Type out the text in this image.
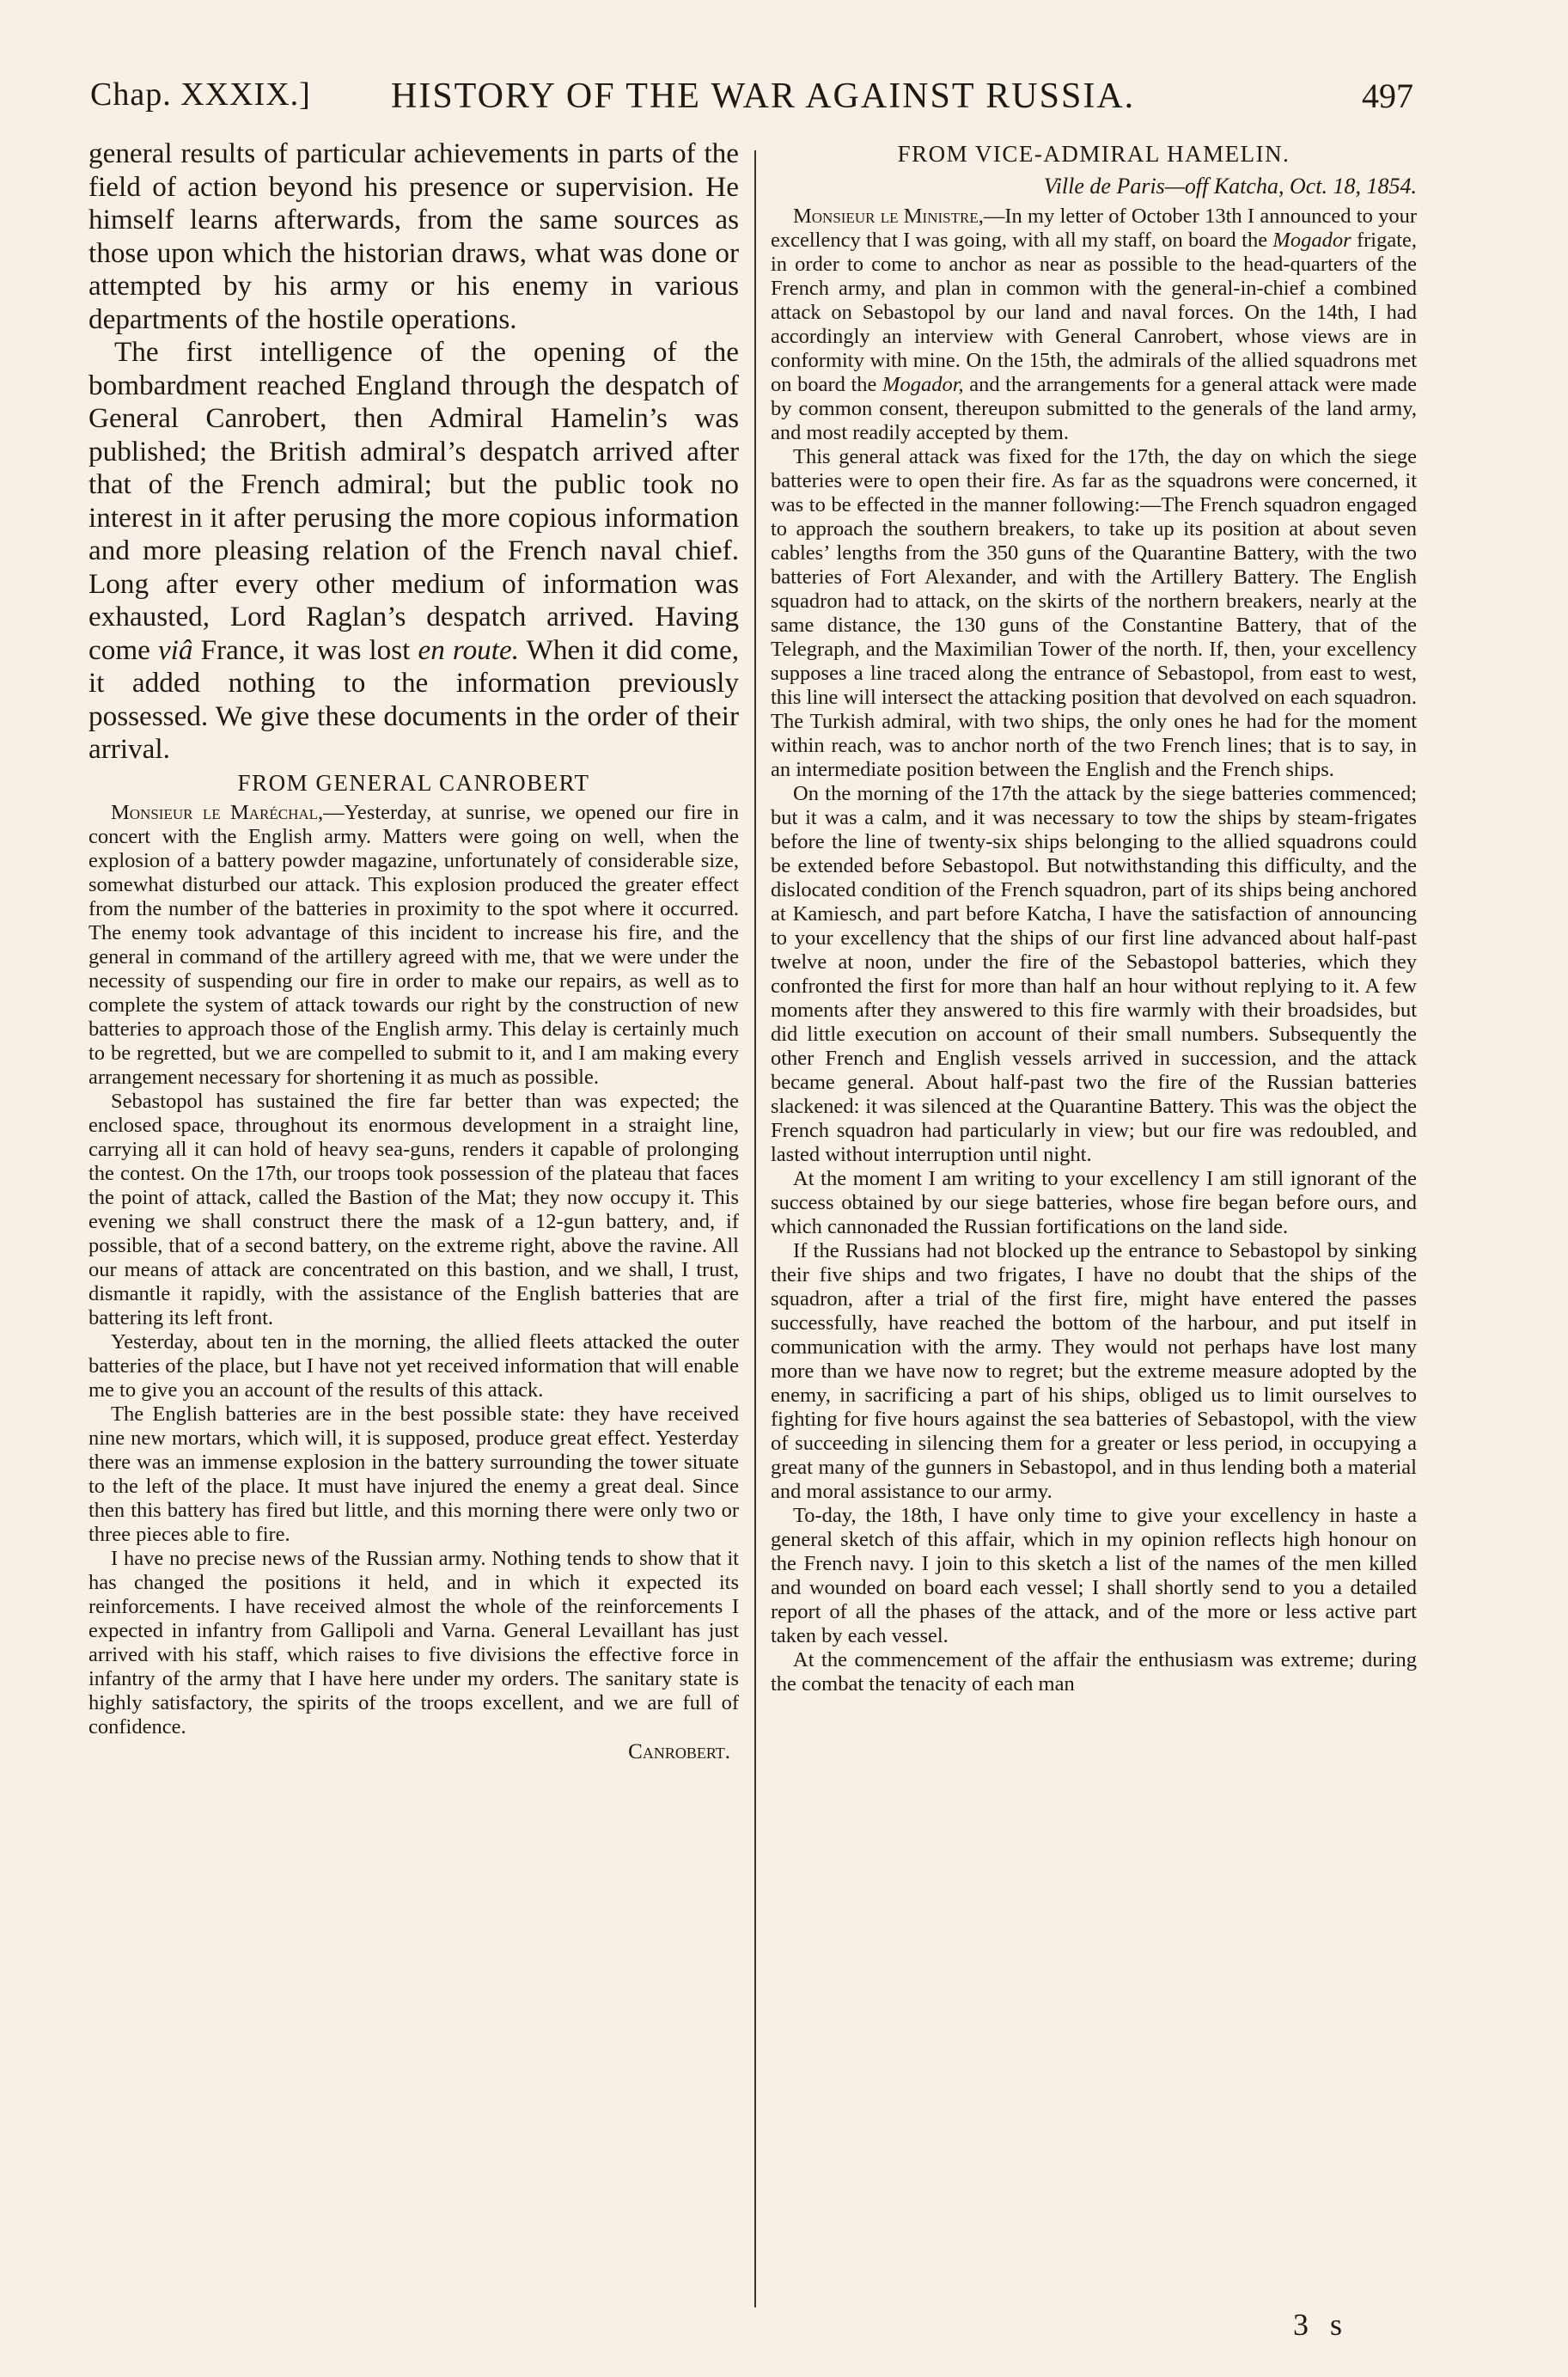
Chap. XXXIX.] HISTORY OF THE WAR AGAINST RUSSIA.	497

general results of particular achievements in parts of the field of action beyond his presence or supervision. He himself learns afterwards, from the same sources as those upon which the historian draws, what was done or attempted by his army or his enemy in various departments of the hostile operations.

The first intelligence of the opening of the bombardment reached England through the despatch of General Canrobert, then Admiral Hamelin’s was published; the British admiral’s despatch arrived after that of the French admiral; but the public took no interest in it after perusing the more copious information and more pleasing relation of the French naval chief. Long after every other medium of information was exhausted, Lord Raglan’s despatch arrived. Having come viâ France, it was lost en route. When it did come, it added nothing to the information previously possessed. We give these documents in the order of their arrival.

FROM GENERAL CANROBERT

Monsieur le Maréchal,—Yesterday, at sunrise, we opened our fire in concert with the English army. Matters were going on well, when the explosion of a battery powder magazine, unfortunately of considerable size, somewhat disturbed our attack. This explosion produced the greater effect from the number of the batteries in proximity to the spot where it occurred. The enemy took advantage of this incident to increase his fire, and the general in command of the artillery agreed with me, that we were under the necessity of suspending our fire in order to make our repairs, as well as to complete the system of attack towards our right by the construction of new batteries to approach those of the English army. This delay is certainly much to be regretted, but we are compelled to submit to it, and I am making every arrangement necessary for shortening it as much as possible.

Sebastopol has sustained the fire far better than was expected; the enclosed space, throughout its enormous development in a straight line, carrying all it can hold of heavy sea-guns, renders it capable of prolonging the contest. On the 17th, our troops took possession of the plateau that faces the point of attack, called the Bastion of the Mat; they now occupy it. This evening we shall construct there the mask of a 12-gun battery, and, if possible, that of a second battery, on the extreme right, above the ravine. All our means of attack are concentrated on this bastion, and we shall, I trust, dismantle it rapidly, with the assistance of the English batteries that are battering its left front.

Yesterday, about ten in the morning, the allied fleets attacked the outer batteries of the place, but I have not yet received information that will enable me to give you an account of the results of this attack.

The English batteries are in the best possible state: they have received nine new mortars, which will, it is supposed, produce great effect. Yesterday there was an immense explosion in the battery surrounding the tower situate to the left of the place. It must have injured the enemy a great deal. Since then this battery has fired but little, and this morning there were only two or three pieces able to fire.

I have no precise news of the Russian army. Nothing tends to show that it has changed the positions it held, and in which it expected its reinforcements. I have received almost the whole of the reinforcements I expected in infantry from Gallipoli and Varna. General Levaillant has just arrived with his staff, which raises to five divisions the effective force in infantry of the army that I have here under my orders. The sanitary state is highly satisfactory, the spirits of the troops excellent, and we are full of confidence.

Canrobert.
FROM VICE-ADMIRAL HAMELIN.
Ville de Paris—off Katcha, Oct. 18, 1854.

Monsieur le Ministre,—In my letter of October 13th I announced to your excellency that I was going, with all my staff, on board the Mogador frigate, in order to come to anchor as near as possible to the head-quarters of the French army, and plan in common with the general-in-chief a combined attack on Sebastopol by our land and naval forces. On the 14th, I had accordingly an interview with General Canrobert, whose views are in conformity with mine. On the 15th, the admirals of the allied squadrons met on board the Mogador, and the arrangements for a general attack were made by common consent, thereupon submitted to the generals of the land army, and most readily accepted by them.

This general attack was fixed for the 17th, the day on which the siege batteries were to open their fire. As far as the squadrons were concerned, it was to be effected in the manner following:—The French squadron engaged to approach the southern breakers, to take up its position at about seven cables’ lengths from the 350 guns of the Quarantine Battery, with the two batteries of Fort Alexander, and with the Artillery Battery. The English squadron had to attack, on the skirts of the northern breakers, nearly at the same distance, the 130 guns of the Constantine Battery, that of the Telegraph, and the Maximilian Tower of the north. If, then, your excellency supposes a line traced along the entrance of Sebastopol, from east to west, this line will intersect the attacking position that devolved on each squadron. The Turkish admiral, with two ships, the only ones he had for the moment within reach, was to anchor north of the two French lines; that is to say, in an intermediate position between the English and the French ships.

On the morning of the 17th the attack by the siege batteries commenced; but it was a calm, and it was necessary to tow the ships by steam-frigates before the line of twenty-six ships belonging to the allied squadrons could be extended before Sebastopol. But notwithstanding this difficulty, and the dislocated condition of the French squadron, part of its ships being anchored at Kamiesch, and part before Katcha, I have the satisfaction of announcing to your excellency that the ships of our first line advanced about half-past twelve at noon, under the fire of the Sebastopol batteries, which they confronted the first for more than half an hour without replying to it. A few moments after they answered to this fire warmly with their broadsides, but did little execution on account of their small numbers. Subsequently the other French and English vessels arrived in succession, and the attack became general. About half-past two the fire of the Russian batteries slackened: it was silenced at the Quarantine Battery. This was the object the French squadron had particularly in view; but our fire was redoubled, and lasted without interruption until night.

At the moment I am writing to your excellency I am still ignorant of the success obtained by our siege batteries, whose fire began before ours, and which cannonaded the Russian fortifications on the land side.

If the Russians had not blocked up the entrance to Sebastopol by sinking their five ships and two frigates, I have no doubt that the ships of the squadron, after a trial of the first fire, might have entered the passes successfully, have reached the bottom of the harbour, and put itself in communication with the army. They would not perhaps have lost many more than we have now to regret; but the extreme measure adopted by the enemy, in sacrificing a part of his ships, obliged us to limit ourselves to fighting for five hours against the sea batteries of Sebastopol, with the view of succeeding in silencing them for a greater or less period, in occupying a great many of the gunners in Sebastopol, and in thus lending both a material and moral assistance to our army.

To-day, the 18th, I have only time to give your excellency in haste a general sketch of this affair, which in my opinion reflects high honour on the French navy. I join to this sketch a list of the names of the men killed and wounded on board each vessel; I shall shortly send to you a detailed report of all the phases of the attack, and of the more or less active part taken by each vessel.

At the commencement of the affair the enthusiasm was extreme; during the combat the tenacity of each man

3 s
